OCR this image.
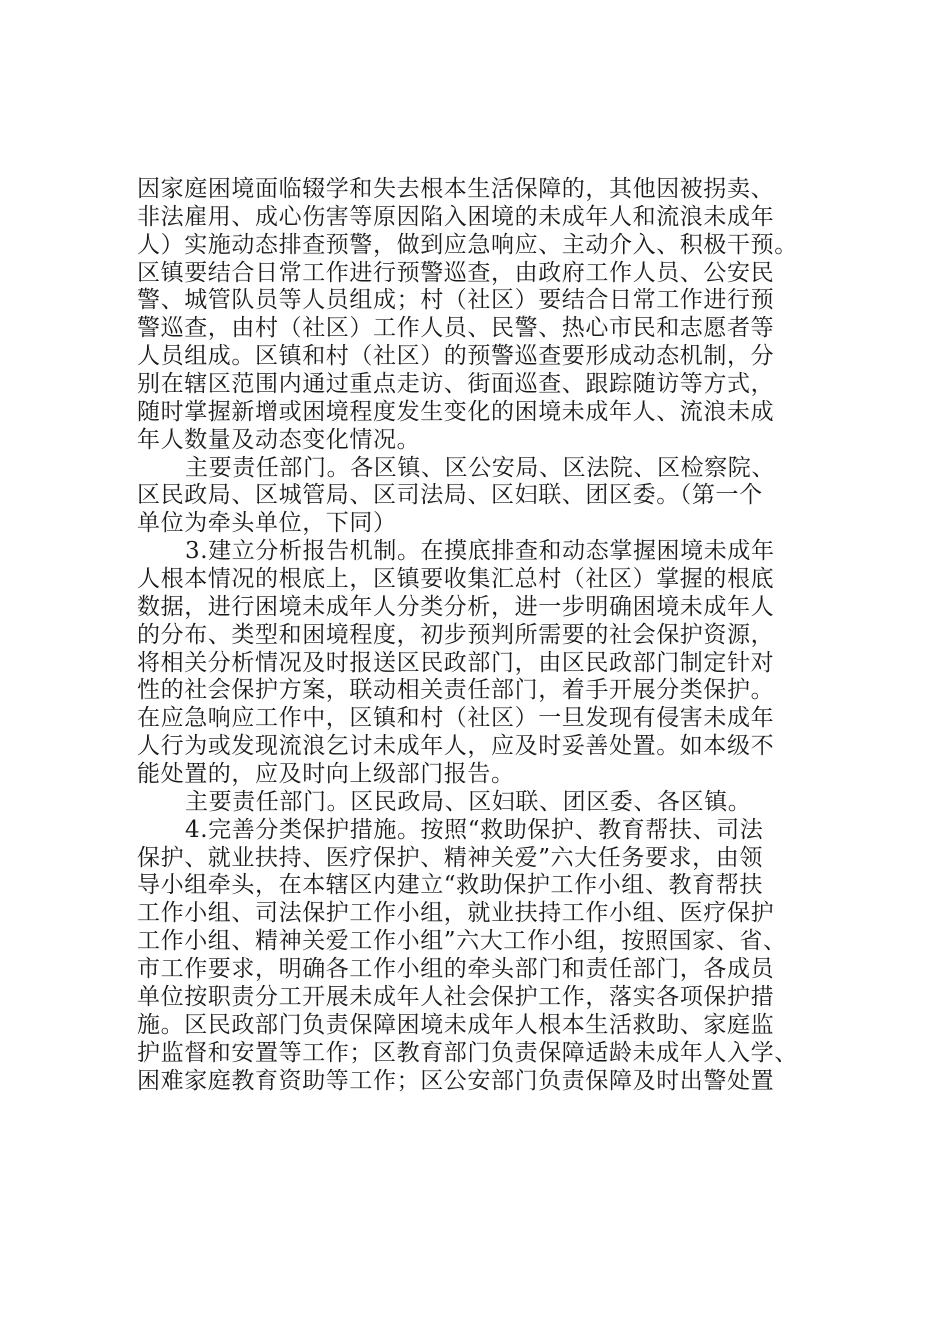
因家庭困境面临辍学和失去根本生活保障的，其他因被拐卖、
非法雇用、成心伤害等原因陷入困境的未成年人和流浪未成年
人）实施动态排查预警，做到应急响应、主动介入、积极干预。
区镇要结合日常工作进行预警巡查，由政府工作人员、公安民
警、城管队员等人员组成；村（社区）要结合日常工作进行预
警巡查，由村（社区）工作人员、民警、热心市民和志愿者等
人员组成。区镇和村（社区）的预警巡查要形成动态机制，分
别在辖区范围内通过重点走访、街面巡查、跟踪随访等方式，
随时掌握新增或困境程度发生变化的困境未成年人、流浪未成
年人数量及动态变化情况。
主要责任部门。各区镇、区公安局、区法院、区检察院、
区民政局、区城管局、区司法局、区妇联、团区委。（第一个
单位为牵头单位，下同）
3.建立分析报告机制。在摸底排查和动态掌握困境未成年
人根本情况的根底上，区镇要收集汇总村（社区）掌握的根底
数据，进行困境未成年人分类分析，进一步明确困境未成年人
的分布、类型和困境程度，初步预判所需要的社会保护资源，
将相关分析情况及时报送区民政部门，由区民政部门制定针对
性的社会保护方案，联动相关责任部门，着手开展分类保护。
在应急响应工作中，区镇和村（社区）一旦发现有侵害未成年
人行为或发现流浪乞讨未成年人，应及时妥善处置。如本级不
能处置的，应及时向上级部门报告。
主要责任部门。区民政局、区妇联、团区委、各区镇。
4.完善分类保护措施。按照“救助保护、教育帮扶、司法
保护、就业扶持、医疗保护、精神关爱”六大任务要求，由领
导小组牵头，在本辖区内建立“救助保护工作小组、教育帮扶
工作小组、司法保护工作小组，就业扶持工作小组、医疗保护
工作小组、精神关爱工作小组”六大工作小组，按照国家、省、
市工作要求，明确各工作小组的牵头部门和责任部门，各成员
单位按职责分工开展未成年人社会保护工作，落实各项保护措
施。区民政部门负责保障困境未成年人根本生活救助、家庭监
护监督和安置等工作；区教育部门负责保障适龄未成年人入学、
困难家庭教育资助等工作；区公安部门负责保障及时出警处置
